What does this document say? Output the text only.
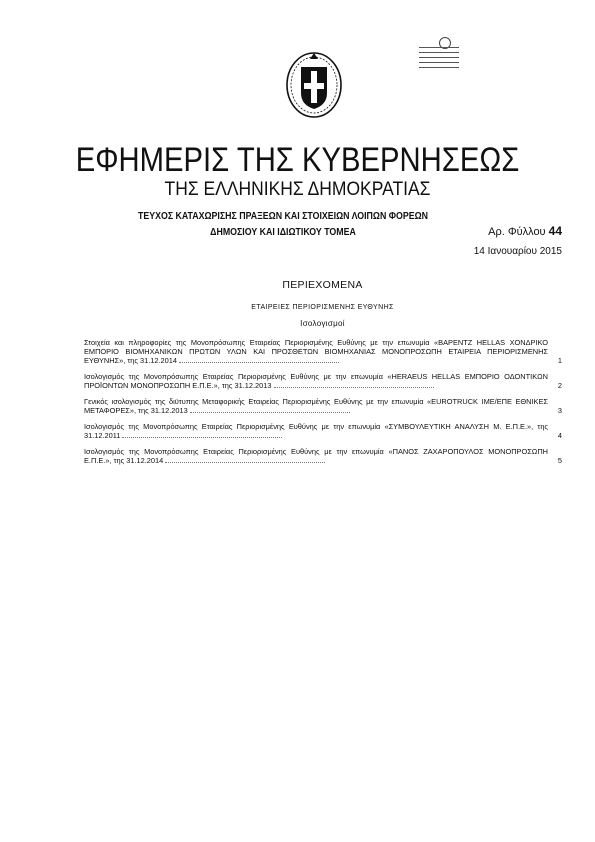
ΕΦΗΜΕΡΙΣ ΤΗΣ ΚΥΒΕΡΝΗΣΕΩΣ
ΤΗΣ ΕΛΛΗΝΙΚΗΣ ΔΗΜΟΚΡΑΤΙΑΣ
ΤΕΥΧΟΣ ΚΑΤΑΧΩΡΙΣΗΣ ΠΡΑΞΕΩΝ ΚΑΙ ΣΤΟΙΧΕΙΩΝ ΛΟΙΠΩΝ ΦΟΡΕΩΝ
ΔΗΜΟΣΙΟΥ ΚΑΙ ΙΔΙΩΤΙΚΟΥ ΤΟΜΕΑ	Αρ. Φύλλου 44
14 Ιανουαρίου 2015
ΠΕΡΙΕΧΟΜΕΝΑ
ΕΤΑΙΡΕΙΕΣ ΠΕΡΙΟΡΙΣΜΕΝΗΣ ΕΥΘΥΝΗΣ
Ισολογισμοί
Στοιχεία και πληροφορίες της Μονοπρόσωπης Εταιρείας Περιορισμένης Ευθύνης με την επωνυμία «ΒΑΡΕΝΤΖ HELLAS ΧΟΝΔΡΙΚΟ ΕΜΠΟΡΙΟ ΒΙΟΜΗΧΑΝΙΚΩΝ ΠΡΩΤΩΝ ΥΛΩΝ ΚΑΙ ΠΡΟΣΘΕΤΩΝ ΒΙΟΜΗΧΑΝΙΑΣ ΜΟΝΟΠΡΟΣΩΠΗ ΕΤΑΙΡΕΙΑ ΠΕΡΙΟΡΙΣΜΕΝΗΣ ΕΥΘΥΝΗΣ», της 31.12.2014	1
Ισολογισμός της Μονοπρόσωπης Εταιρείας Περιορισμένης Ευθύνης με την επωνυμία «HERAEUS HELLAS ΕΜΠΟΡΙΟ ΟΔΟΝΤΙΚΩΝ ΠΡΟΪΟΝΤΩΝ ΜΟΝΟΠΡΟΣΩΠΗ Ε.Π.Ε.», της 31.12.2013	2
Γενικός ισολογισμός της διϋτυπης Μεταφορικής Εταιρείας Περιορισμένης Ευθύνης με την επωνυμία «EUROTRUCK ΙΜΕ/ΕΠΕ ΕΘΝΙΚΕΣ ΜΕΤΑΦΟΡΕΣ», της 31.12.2013	3
Ισολογισμός της Μονοπρόσωπης Εταιρείας Περιορισμένης Ευθύνης με την επωνυμία «ΣΥΜΒΟΥΛΕΥΤΙΚΗ ΑΝΑΛΥΣΗ Μ. Ε.Π.Ε.», της 31.12.2011	4
Ισολογισμός της Μονοπρόσωπης Εταιρείας Περιορισμένης Ευθύνης με την επωνυμία «ΠΑΝΟΣ ΖΑΧΑΡΟΠΟΥΛΟΣ ΜΟΝΟΠΡΟΣΩΠΗ Ε.Π.Ε.», της 31.12.2014	5
